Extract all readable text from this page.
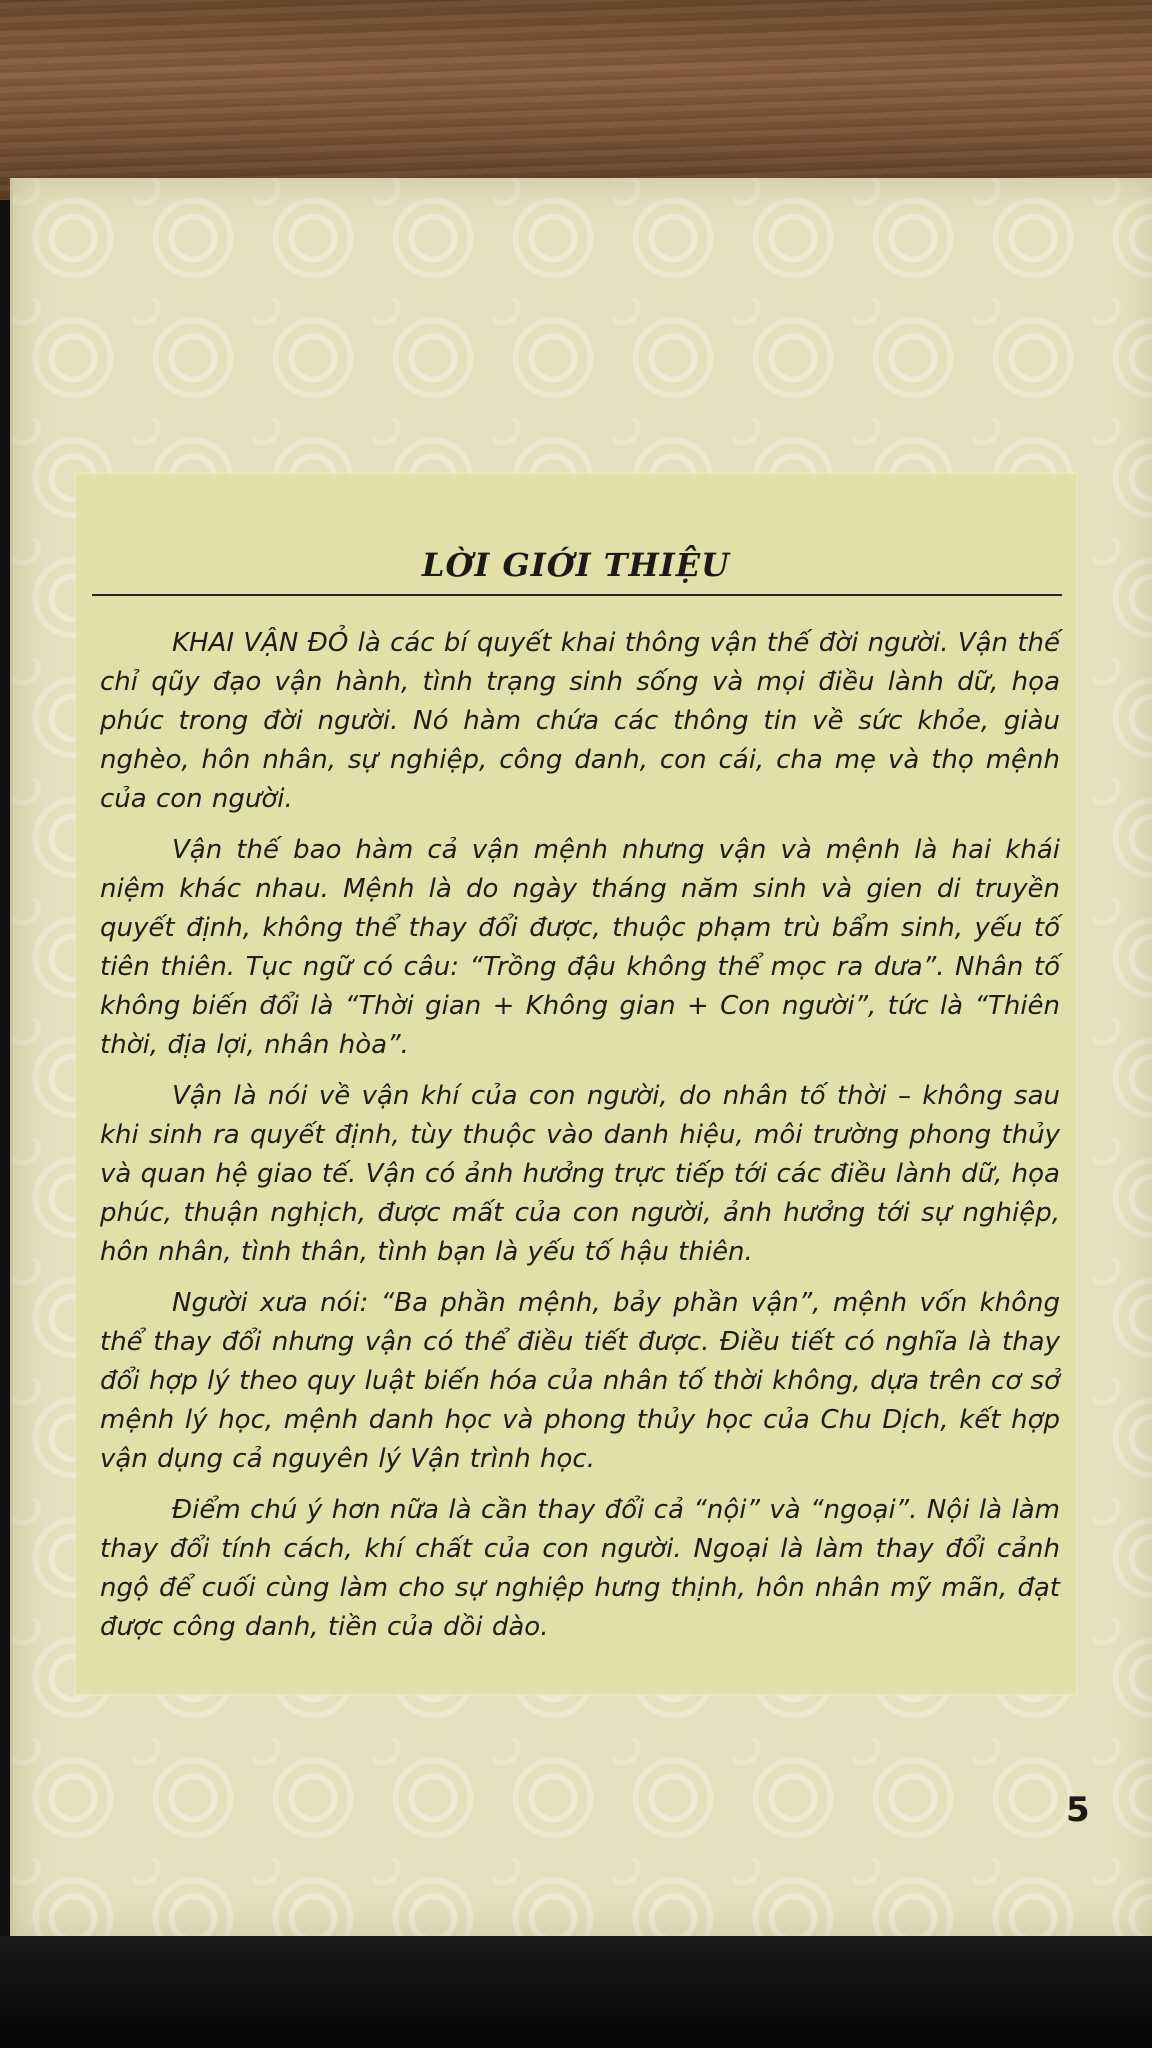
LỜI GIỚI THIỆU

KHAI VẬN ĐỎ là các bí quyết khai thông vận thế đời người. Vận thế chỉ qũy đạo vận hành, tình trạng sinh sống và mọi điều lành dữ, họa phúc trong đời người. Nó hàm chứa các thông tin về sức khỏe, giàu nghèo, hôn nhân, sự nghiệp, công danh, con cái, cha mẹ và thọ mệnh của con người.

Vận thế bao hàm cả vận mệnh nhưng vận và mệnh là hai khái niệm khác nhau. Mệnh là do ngày tháng năm sinh và gien di truyền quyết định, không thể thay đổi được, thuộc phạm trù bẩm sinh, yếu tố tiên thiên. Tục ngữ có câu: “Trồng đậu không thể mọc ra dưa”. Nhân tố không biến đổi là “Thời gian + Không gian + Con người”, tức là “Thiên thời, địa lợi, nhân hòa”.

Vận là nói về vận khí của con người, do nhân tố thời – không sau khi sinh ra quyết định, tùy thuộc vào danh hiệu, môi trường phong thủy và quan hệ giao tế. Vận có ảnh hưởng trực tiếp tới các điều lành dữ, họa phúc, thuận nghịch, được mất của con người, ảnh hưởng tới sự nghiệp, hôn nhân, tình thân, tình bạn là yếu tố hậu thiên.

Người xưa nói: “Ba phần mệnh, bảy phần vận”, mệnh vốn không thể thay đổi nhưng vận có thể điều tiết được. Điều tiết có nghĩa là thay đổi hợp lý theo quy luật biến hóa của nhân tố thời không, dựa trên cơ sở mệnh lý học, mệnh danh học và phong thủy học của Chu Dịch, kết hợp vận dụng cả nguyên lý Vận trình học.

Điểm chú ý hơn nữa là cần thay đổi cả “nội” và “ngoại”. Nội là làm thay đổi tính cách, khí chất của con người. Ngoại là làm thay đổi cảnh ngộ để cuối cùng làm cho sự nghiệp hưng thịnh, hôn nhân mỹ mãn, đạt được công danh, tiền của dồi dào.

5
